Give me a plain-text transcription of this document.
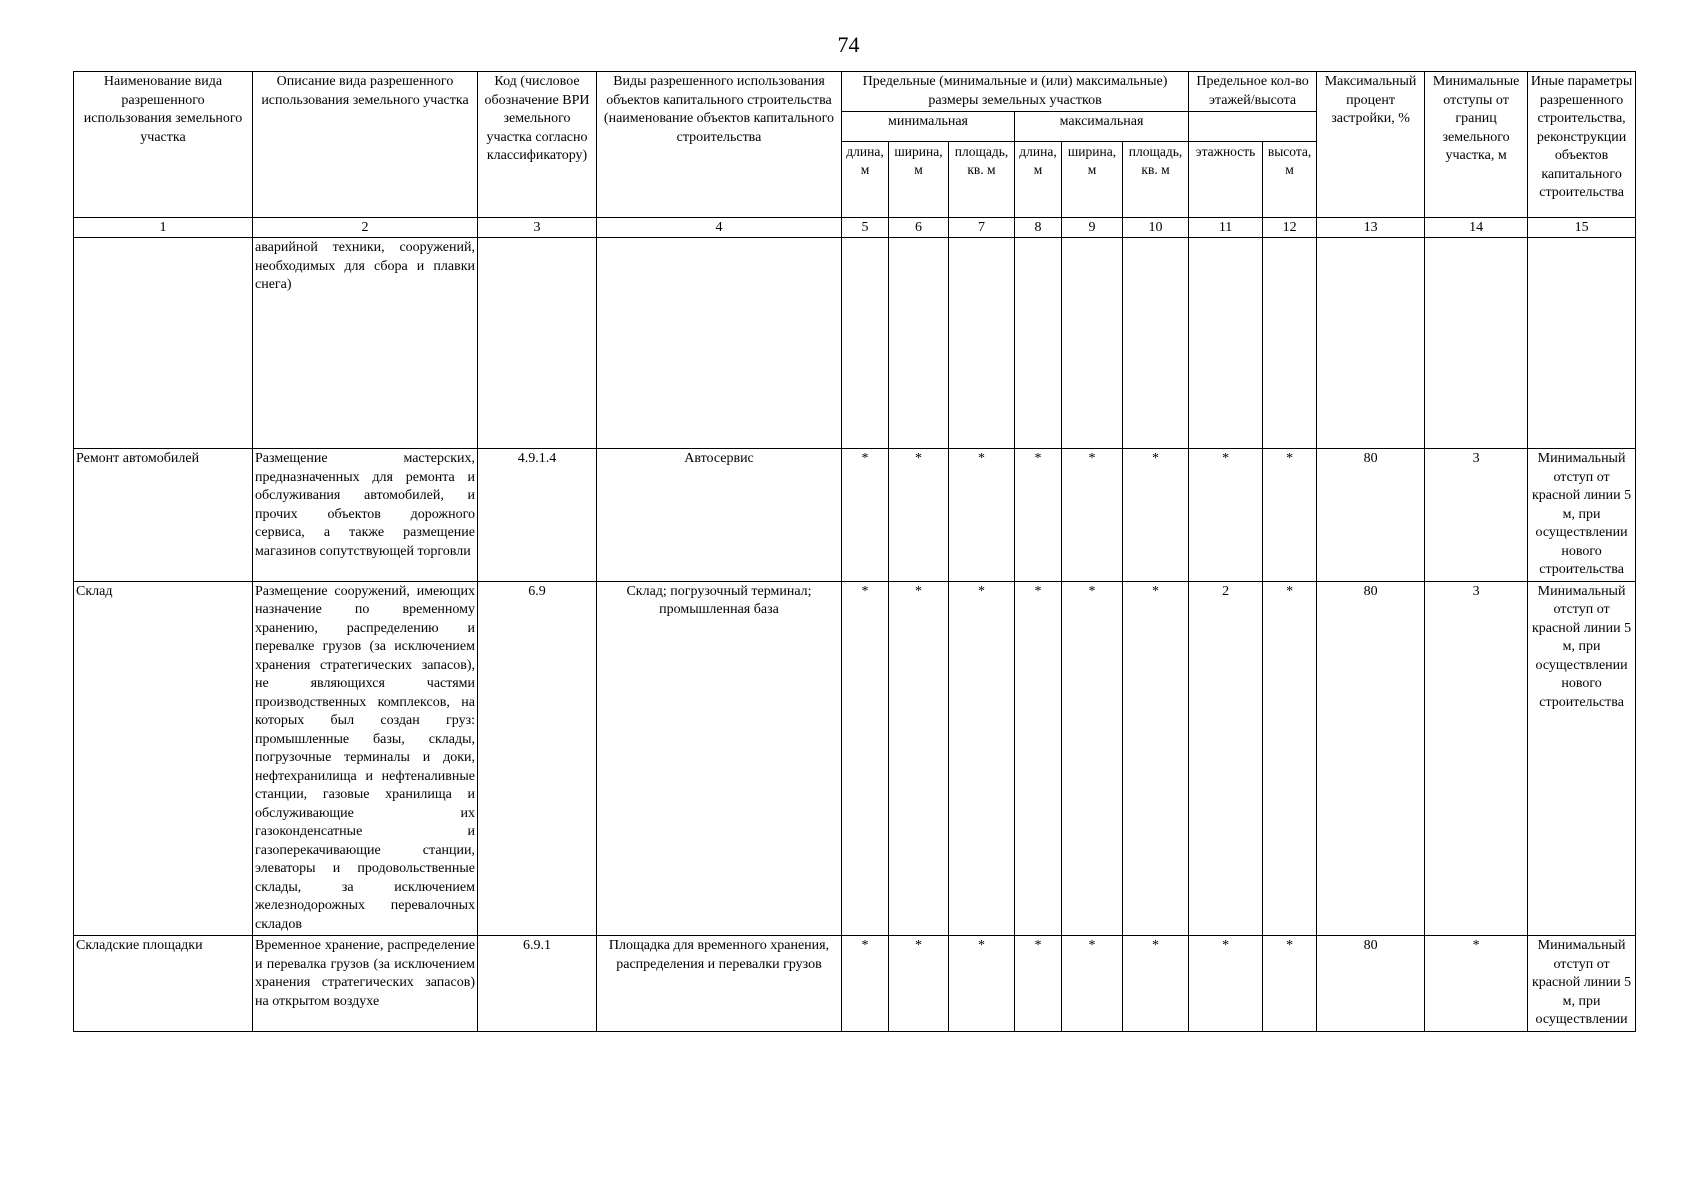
74
Наименование вида разрешенного использования земельного участка	Описание вида разрешенного использования земельного участка	Код (числовое обозначение ВРИ земельного участка согласно классификатору)	Виды разрешенного использования объектов капитального строительства (наименование объектов капитального строительства	Предельные (минимальные и (или) максимальные) размеры земельных участков						Предельное кол-во этажей/высота		Максимальный процент застройки, %	Минимальные отступы от границ земельного участка, м	Иные параметры разрешенного строительства, реконструкции объектов капитального строительства
				минимальная			максимальная							
				длина, м	ширина, м	площадь, кв. м	длина, м	ширина, м	площадь, кв. м	этажность	высота, м			
1	2	3	4	5	6	7	8	9	10	11	12	13	14	15
	аварийной техники, сооружений, необходимых для сбора и плавки снега)													
Ремонт автомобилей	Размещение мастерских, предназначенных для ремонта и обслуживания автомобилей, и прочих объектов дорожного сервиса, а также размещение магазинов сопутствующей торговли	4.9.1.4	Автосервис	*	*	*	*	*	*	*	*	80	3	Минимальный отступ от красной линии 5 м, при осуществлении нового строительства
Склад	Размещение сооружений, имеющих назначение по временному хранению, распределению и перевалке грузов (за исключением хранения стратегических запасов), не являющихся частями производственных комплексов, на которых был создан груз: промышленные базы, склады, погрузочные терминалы и доки, нефтехранилища и нефтеналивные станции, газовые хранилища и обслуживающие их газоконденсатные и газоперекачивающие станции, элеваторы и продовольственные склады, за исключением железнодорожных перевалочных складов	6.9	Склад; погрузочный терминал; промышленная база	*	*	*	*	*	*	2	*	80	3	Минимальный отступ от красной линии 5 м, при осуществлении нового строительства
Складские площадки	Временное хранение, распределение и перевалка грузов (за исключением хранения стратегических запасов) на открытом воздухе	6.9.1	Площадка для временного хранения, распределения и перевалки грузов	*	*	*	*	*	*	*	*	80	*	Минимальный отступ от красной линии 5 м, при осуществлении
